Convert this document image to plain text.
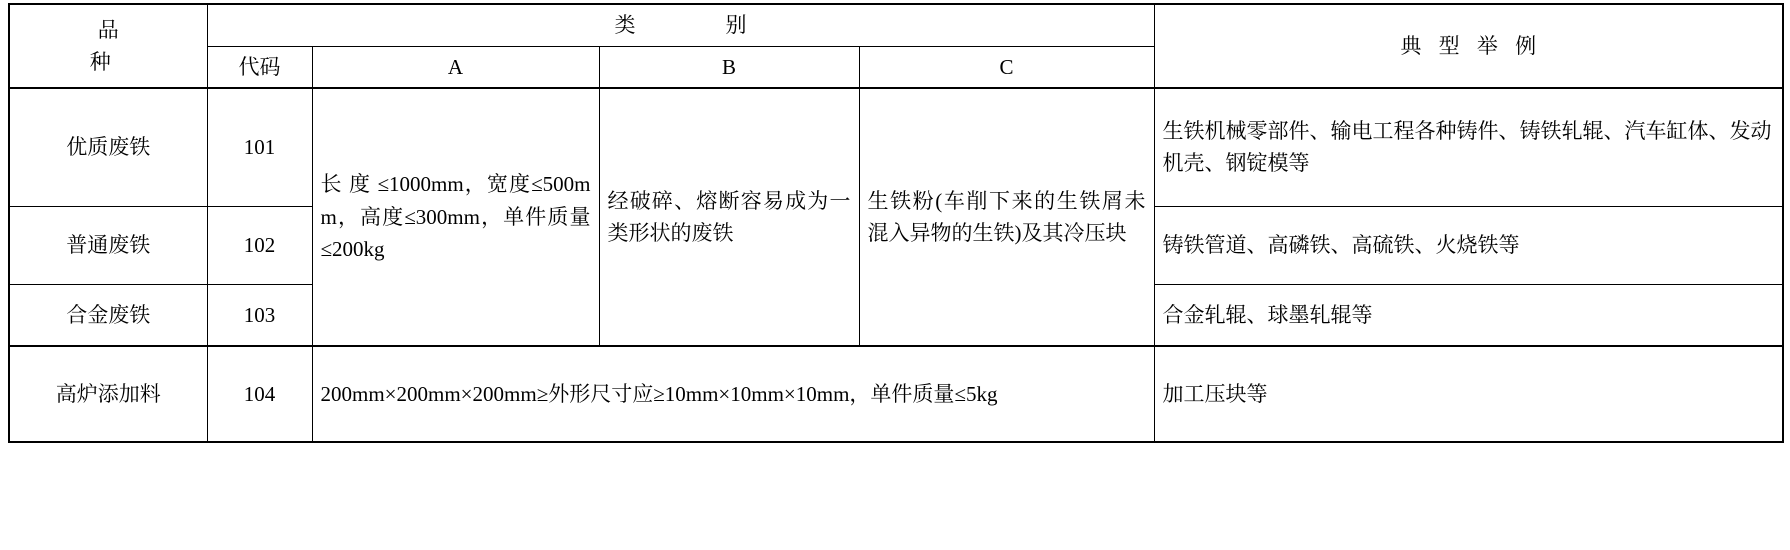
品　　　种	类　　别				典 型 举 例
	代码	A	B	C	
优质废铁	101	长 度 ≤1000mm，宽度≤500mm，高度≤300mm，单件质量≤200kg	经破碎、熔断容易成为一类形状的废铁	生铁粉(车削下来的生铁屑未混入异物的生铁)及其冷压块	生铁机械零部件、输电工程各种铸件、铸铁轧辊、汽车缸体、发动机壳、钢锭模等
普通废铁	102				铸铁管道、高磷铁、高硫铁、火烧铁等
合金废铁	103				合金轧辊、球墨轧辊等
高炉添加料	104	200mm×200mm×200mm≥外形尺寸应≥10mm×10mm×10mm，单件质量≤5kg			加工压块等
